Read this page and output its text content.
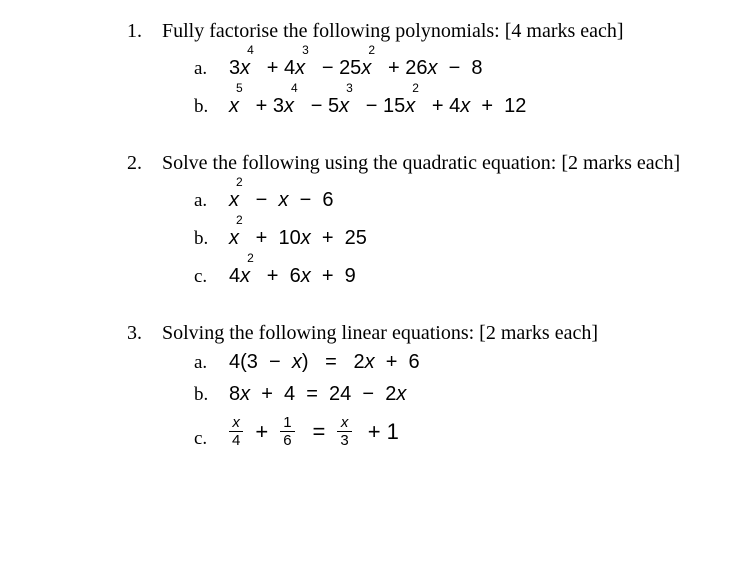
1. Fully factorise the following polynomials: [4 marks each]
a. 3 x
4
+ 4 x
3
− 25 x
2
+ 26 x −  8
b. x
5
+ 3 x
4
− 5 x
3
− 15 x
2
+ 4 x +  12
2. Solve the following using the quadratic equation: [2 marks each]
a. x
2
− x −  6
b. x
2
+  10 x +  25
c. 4 x
2
+  6 x +  9
3. Solving the following linear equations: [2 marks each]
a. 4(3  − x )   =   2 x +  6
b. 8 x +  4  =  24  −  2 x
c. $\frac{x}{4} + \frac{1}{6} = \frac{x}{3} + 1$
